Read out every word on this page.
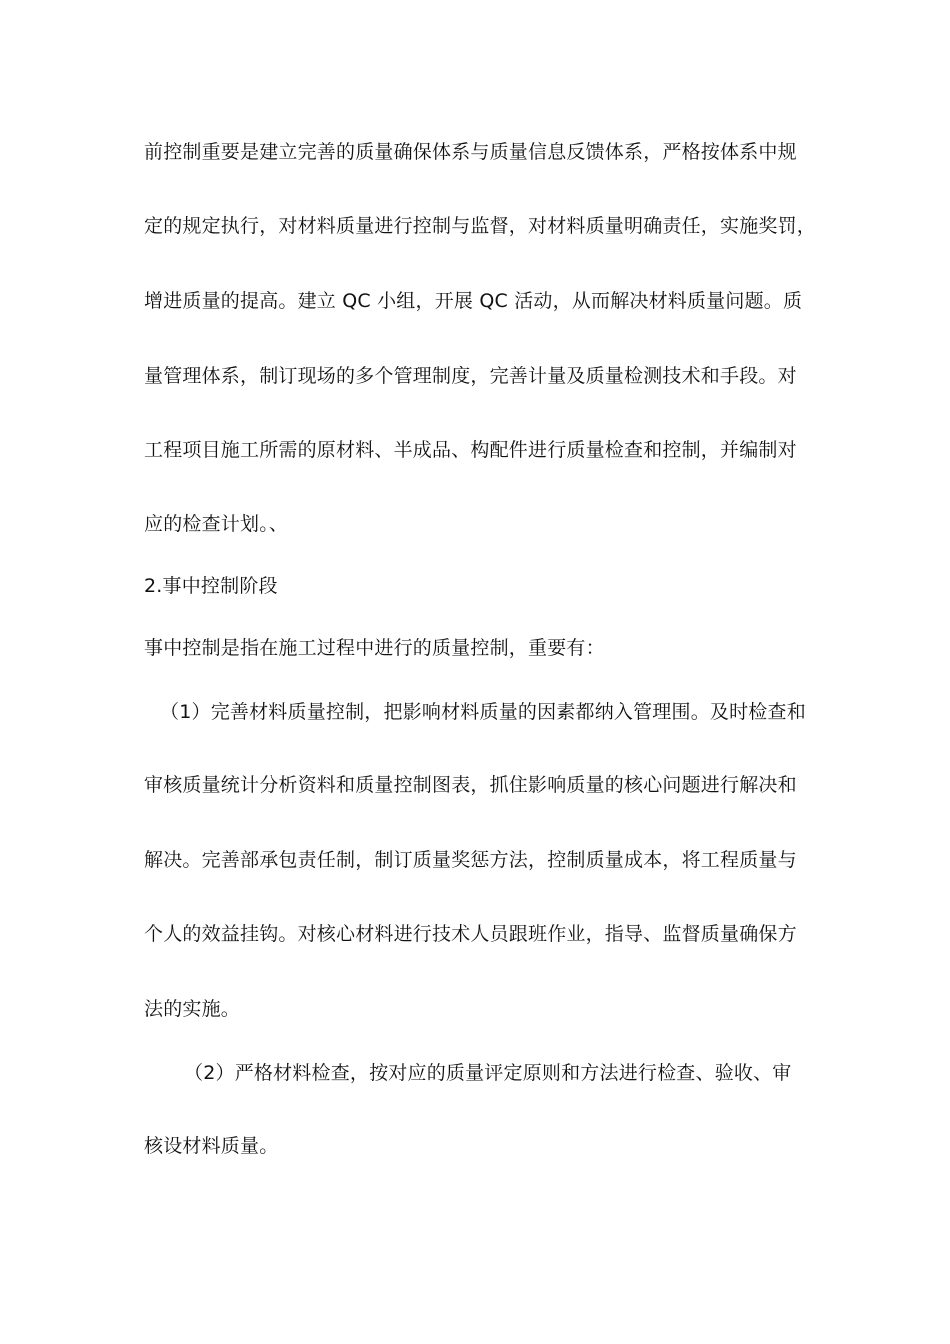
前控制重要是建立完善的质量确保体系与质量信息反馈体系，严格按体系中规
定的规定执行，对材料质量进行控制与监督，对材料质量明确责任，实施奖罚，
增进质量的提高。建立 QC 小组，开展 QC 活动，从而解决材料质量问题。质
量管理体系，制订现场的多个管理制度，完善计量及质量检测技术和手段。对
工程项目施工所需的原材料、半成品、构配件进行质量检查和控制，并编制对
应的检查计划。、
2.事中控制阶段
事中控制是指在施工过程中进行的质量控制，重要有：
（1）完善材料质量控制，把影响材料质量的因素都纳入管理围。及时检查和
审核质量统计分析资料和质量控制图表，抓住影响质量的核心问题进行解决和
解决。完善部承包责任制，制订质量奖惩方法，控制质量成本，将工程质量与
个人的效益挂钩。对核心材料进行技术人员跟班作业，指导、监督质量确保方
法的实施。
（2）严格材料检查，按对应的质量评定原则和方法进行检查、验收、审
核设材料质量。
